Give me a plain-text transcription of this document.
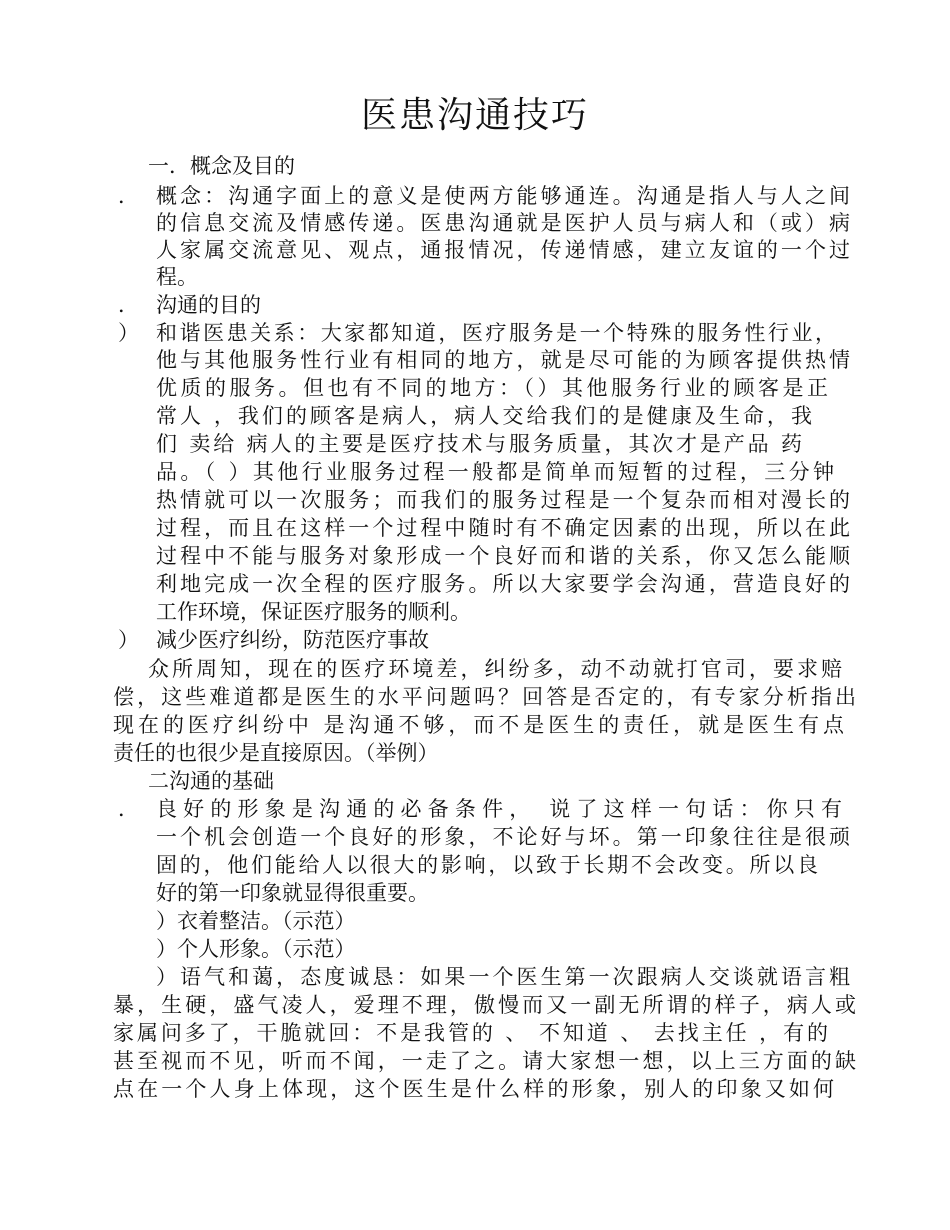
医患沟通技巧
一．概念及目的
． 概念：沟通字面上的意义是使两方能够通连。沟通是指人与人之间
的信息交流及情感传递。医患沟通就是医护人员与病人和（或）病
人家属交流意见、观点，通报情况，传递情感，建立友谊的一个过
程。
． 沟通的目的
） 和谐医患关系：大家都知道，医疗服务是一个特殊的服务性行业，
他与其他服务性行业有相同的地方，就是尽可能的为顾客提供热情
优质的服务。但也有不同的地方：（）其他服务行业的顾客是正
常人 ，我们的顾客是病人，病人交给我们的是健康及生命，我
们 卖给 病人的主要是医疗技术与服务质量，其次才是产品 药
品。（ ）其他行业服务过程一般都是简单而短暂的过程，三分钟
热情就可以一次服务；而我们的服务过程是一个复杂而相对漫长的
过程，而且在这样一个过程中随时有不确定因素的出现，所以在此
过程中不能与服务对象形成一个良好而和谐的关系，你又怎么能顺
利地完成一次全程的医疗服务。所以大家要学会沟通，营造良好的
工作环境，保证医疗服务的顺利。
） 减少医疗纠纷，防范医疗事故
众所周知，现在的医疗环境差，纠纷多，动不动就打官司，要求赔
偿，这些难道都是医生的水平问题吗？回答是否定的，有专家分析指出
现在的医疗纠纷中 是沟通不够，而不是医生的责任，就是医生有点
责任的也很少是直接原因。（举例）
二沟通的基础
． 良好的形象是沟通的必备条件， 说了这样一句话：你只有
一个机会创造一个良好的形象，不论好与坏。第一印象往往是很顽
固的，他们能给人以很大的影响，以致于长期不会改变。所以良
好的第一印象就显得很重要。
）衣着整洁。（示范）
）个人形象。（示范）
）语气和蔼，态度诚恳：如果一个医生第一次跟病人交谈就语言粗
暴，生硬，盛气凌人，爱理不理，傲慢而又一副无所谓的样子，病人或
家属问多了，干脆就回：不是我管的 、 不知道 、 去找主任 ，有的
甚至视而不见，听而不闻，一走了之。请大家想一想，以上三方面的缺
点在一个人身上体现，这个医生是什么样的形象，别人的印象又如何
